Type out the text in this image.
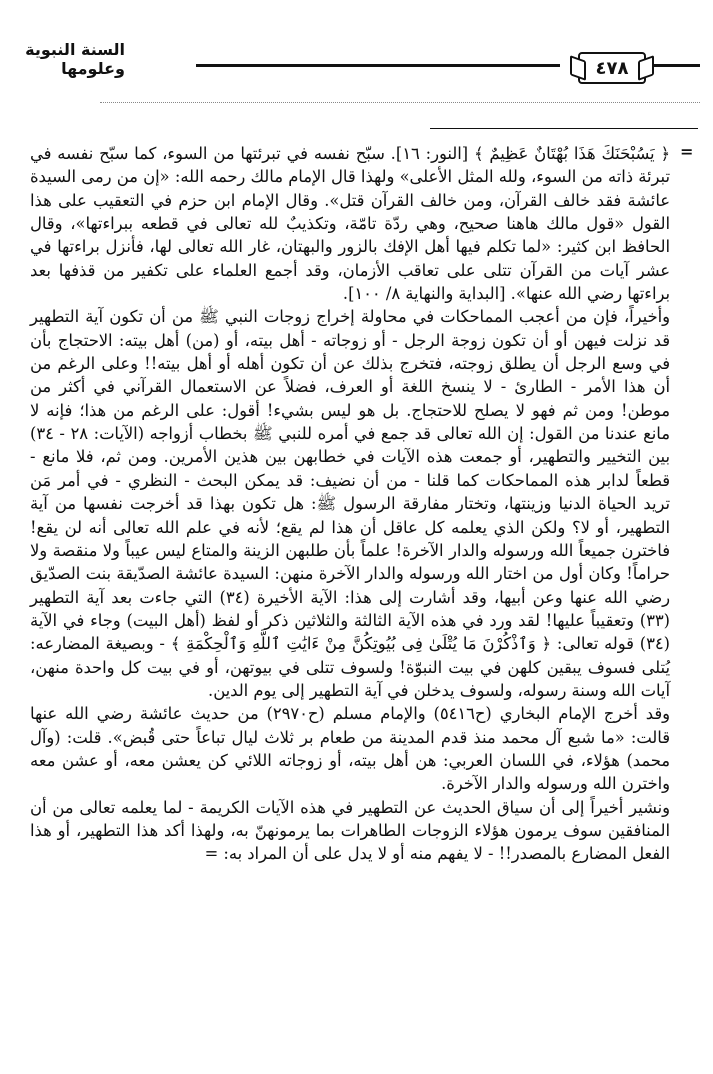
السنة النبوية وعلومها	٤٧٨
=

﴿ يَسُبْحَنَكَ هَذَا بُهْتَانٌ عَظِيمٌ ﴾ [النور: ١٦]. سبّح نفسه في تبرئتها من السوء، كما سبّح نفسه في تبرئة ذاته من السوء، ولله المثل الأعلى» ولهذا قال الإمام مالك رحمه الله: «إن من رمى السيدة عائشة فقد خالف القرآن، ومن خالف القرآن قتل». وقال الإمام ابن حزم في التعقيب على هذا القول «قول مالك هاهنا صحيح، وهي ردّة تامّة، وتكذيبٌ لله تعالى في قطعه ببراءتها»، وقال الحافظ ابن كثير: «لما تكلم فيها أهل الإفك بالزور والبهتان، غار الله تعالى لها، فأنزل براءتها في عشر آيات من القرآن تتلى على تعاقب الأزمان، وقد أجمع العلماء على تكفير من قذفها بعد براءتها رضي الله عنها». [البداية والنهاية ٨/ ١٠٠].

وأخيراً، فإن من أعجب المماحكات في محاولة إخراج زوجات النبي ﷺ من أن تكون آية التطهير قد نزلت فيهن أو أن تكون زوجة الرجل - أو زوجاته - أهل بيته، أو (من) أهل بيته: الاحتجاج بأن في وسع الرجل أن يطلق زوجته، فتخرج بذلك عن أن تكون أهله أو أهل بيته!! وعلى الرغم من أن هذا الأمر - الطارئ - لا ينسخ اللغة أو العرف، فضلاً عن الاستعمال القرآني في أكثر من موطن! ومن ثم فهو لا يصلح للاحتجاج. بل هو ليس بشيء! أقول: على الرغم من هذا؛ فإنه لا مانع عندنا من القول: إن الله تعالى قد جمع في أمره للنبي ﷺ بخطاب أزواجه (الآيات: ٢٨ - ٣٤) بين التخيير والتطهير، أو جمعت هذه الآيات في خطابهن بين هذين الأمرين. ومن ثم، فلا مانع - قطعاً لدابر هذه المماحكات كما قلنا - من أن نضيف: قد يمكن البحث - النظري - في أمر مَن تريد الحياة الدنيا وزينتها، وتختار مفارقة الرسول ﷺ: هل تكون بهذا قد أخرجت نفسها من آية التطهير، أو لا؟ ولكن الذي يعلمه كل عاقل أن هذا لم يقع؛ لأنه في علم الله تعالى أنه لن يقع! فاخترن جميعاً الله ورسوله والدار الآخرة! علماً بأن طلبهن الزينة والمتاع ليس عيباً ولا منقصة ولا حراماً! وكان أول من اختار الله ورسوله والدار الآخرة منهن: السيدة عائشة الصدّيقة بنت الصدّيق رضي الله عنها وعن أبيها، وقد أشارت إلى هذا: الآية الأخيرة (٣٤) التي جاءت بعد آية التطهير (٣٣) وتعقيباً عليها! لقد ورد في هذه الآية الثالثة والثلاثين ذكر أو لفظ (أهل البيت) وجاء في الآية (٣٤) قوله تعالى: ﴿ وَٱذْكُرْنَ مَا يُتْلَىٰ فِى بُيُوتِكُنَّ مِنْ ءَايَٰتِ ٱللَّهِ وَٱلْحِكْمَةِ ﴾ - وبصيغة المضارعه: يُتلى فسوف يبقين كلهن في بيت النبوّة! ولسوف تتلى في بيوتهن، أو في بيت كل واحدة منهن، آيات الله وسنة رسوله، ولسوف يدخلن في آية التطهير إلى يوم الدين.

وقد أخرج الإمام البخاري (ح٥٤١٦) والإمام مسلم (ح٢٩٧٠) من حديث عائشة رضي الله عنها قالت: «ما شبع آل محمد منذ قدم المدينة من طعام بر ثلاث ليال تباعاً حتى قُبض». قلت: (وآل محمد) هؤلاء، في اللسان العربي: هن أهل بيته، أو زوجاته اللائي كن يعشن معه، أو عشن معه واخترن الله ورسوله والدار الآخرة.

ونشير أخيراً إلى أن سياق الحديث عن التطهير في هذه الآيات الكريمة - لما يعلمه تعالى من أن المنافقين سوف يرمون هؤلاء الزوجات الطاهرات بما يرمونهنّ به، ولهذا أكد هذا التطهير، أو هذا الفعل المضارع بالمصدر!! - لا يفهم منه أو لا يدل على أن المراد به: =
